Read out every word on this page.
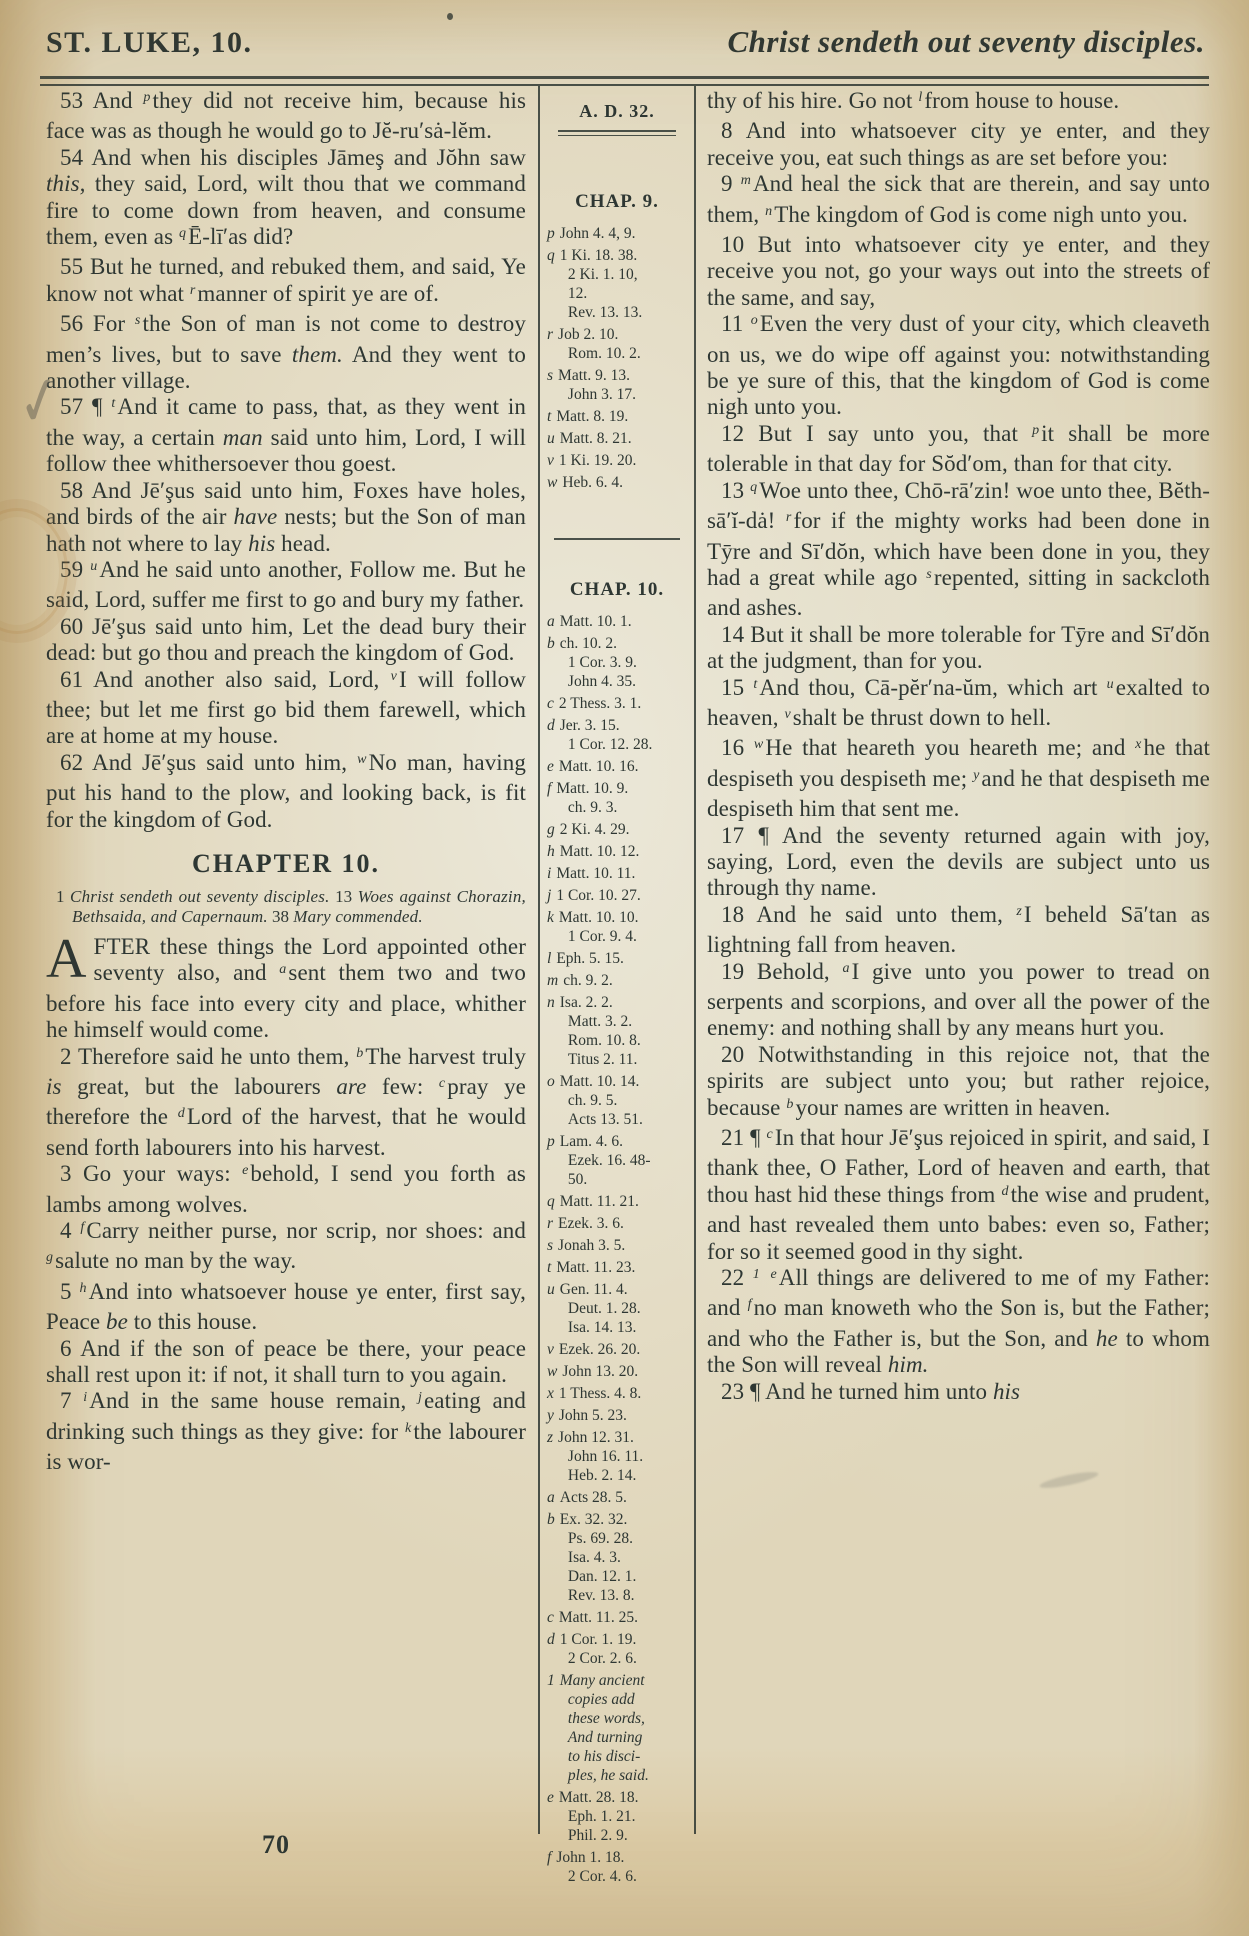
ST. LUKE, 10.	Christ sendeth out seventy disciples.

53 And $^p$they did not receive him, because his face was as though he would go to Jĕ-ru′sȧ-lĕm.

54 And when his disciples Jāmeş and Jŏhn saw this, they said, Lord, wilt thou that we command fire to come down from heaven, and consume them, even as $^q$Ē-lī′as did?

55 But he turned, and rebuked them, and said, Ye know not what $^r$manner of spirit ye are of.

56 For $^s$the Son of man is not come to destroy men’s lives, but to save them. And they went to another village.

57 ¶ $^t$And it came to pass, that, as they went in the way, a certain man said unto him, Lord, I will follow thee whithersoever thou goest.

58 And Jē′şus said unto him, Foxes have holes, and birds of the air have nests; but the Son of man hath not where to lay his head.

59 $^u$And he said unto another, Follow me. But he said, Lord, suffer me first to go and bury my father.

60 Jē′şus said unto him, Let the dead bury their dead: but go thou and preach the kingdom of God.

61 And another also said, Lord, $^v$I will follow thee; but let me first go bid them farewell, which are at home at my house.

62 And Jē′şus said unto him, $^w$No man, having put his hand to the plow, and looking back, is fit for the kingdom of God.

CHAPTER 10.

1 Christ sendeth out seventy disciples. 13 Woes against Chorazin, Bethsaida, and Capernaum. 38 Mary commended.

AFTER these things the Lord appointed other seventy also, and $^a$sent them two and two before his face into every city and place, whither he himself would come.

2 Therefore said he unto them, $^b$The harvest truly is great, but the labourers are few: $^c$pray ye therefore the $^d$Lord of the harvest, that he would send forth labourers into his harvest.

3 Go your ways: $^e$behold, I send you forth as lambs among wolves.

4 $^f$Carry neither purse, nor scrip, nor shoes: and $^g$salute no man by the way.

5 $^h$And into whatsoever house ye enter, first say, Peace be to this house.

6 And if the son of peace be there, your peace shall rest upon it: if not, it shall turn to you again.

7 $^i$And in the same house remain, $^j$eating and drinking such things as they give: for $^k$the labourer is wor-

A. D. 32.
CHAP. 9.
p John 4. 4, 9.
q 1 Ki. 18. 38.
2 Ki. 1. 10,
12.
Rev. 13. 13.
r Job 2. 10.
Rom. 10. 2.
s Matt. 9. 13.
John 3. 17.
t Matt. 8. 19.
u Matt. 8. 21.
v 1 Ki. 19. 20.
w Heb. 6. 4.
CHAP. 10.
a Matt. 10. 1.
b ch. 10. 2.
1 Cor. 3. 9.
John 4. 35.
c 2 Thess. 3. 1.
d Jer. 3. 15.
1 Cor. 12. 28.
e Matt. 10. 16.
f Matt. 10. 9.
ch. 9. 3.
g 2 Ki. 4. 29.
h Matt. 10. 12.
i Matt. 10. 11.
j 1 Cor. 10. 27.
k Matt. 10. 10.
1 Cor. 9. 4.
l Eph. 5. 15.
m ch. 9. 2.
n Isa. 2. 2.
Matt. 3. 2.
Rom. 10. 8.
Titus 2. 11.
o Matt. 10. 14.
ch. 9. 5.
Acts 13. 51.
p Lam. 4. 6.
Ezek. 16. 48-
50.
q Matt. 11. 21.
r Ezek. 3. 6.
s Jonah 3. 5.
t Matt. 11. 23.
u Gen. 11. 4.
Deut. 1. 28.
Isa. 14. 13.
v Ezek. 26. 20.
w John 13. 20.
x 1 Thess. 4. 8.
y John 5. 23.
z John 12. 31.
John 16. 11.
Heb. 2. 14.
a Acts 28. 5.
b Ex. 32. 32.
Ps. 69. 28.
Isa. 4. 3.
Dan. 12. 1.
Rev. 13. 8.
c Matt. 11. 25.
d 1 Cor. 1. 19.
2 Cor. 2. 6.
1 Many ancient
copies add
these words,
And turning
to his disci-
ples, he said.
e Matt. 28. 18.
Eph. 1. 21.
Phil. 2. 9.
f John 1. 18.
2 Cor. 4. 6.

thy of his hire. Go not $^l$from house to house.

8 And into whatsoever city ye enter, and they receive you, eat such things as are set before you:

9 $^m$And heal the sick that are therein, and say unto them, $^n$The kingdom of God is come nigh unto you.

10 But into whatsoever city ye enter, and they receive you not, go your ways out into the streets of the same, and say,

11 $^o$Even the very dust of your city, which cleaveth on us, we do wipe off against you: notwithstanding be ye sure of this, that the kingdom of God is come nigh unto you.

12 But I say unto you, that $^p$it shall be more tolerable in that day for Sŏd′om, than for that city.

13 $^q$Woe unto thee, Chō-rā′zin! woe unto thee, Bĕth-sā′ĭ-dȧ! $^r$for if the mighty works had been done in Tȳre and Sī′dŏn, which have been done in you, they had a great while ago $^s$repented, sitting in sackcloth and ashes.

14 But it shall be more tolerable for Tȳre and Sī′dŏn at the judgment, than for you.

15 $^t$And thou, Cā-pĕr′na-ŭm, which art $^u$exalted to heaven, $^v$shalt be thrust down to hell.

16 $^w$He that heareth you heareth me; and $^x$he that despiseth you despiseth me; $^y$and he that despiseth me despiseth him that sent me.

17 ¶ And the seventy returned again with joy, saying, Lord, even the devils are subject unto us through thy name.

18 And he said unto them, $^z$I beheld Sā′tan as lightning fall from heaven.

19 Behold, $^a$I give unto you power to tread on serpents and scorpions, and over all the power of the enemy: and nothing shall by any means hurt you.

20 Notwithstanding in this rejoice not, that the spirits are subject unto you; but rather rejoice, because $^b$your names are written in heaven.

21 ¶ $^c$In that hour Jē′şus rejoiced in spirit, and said, I thank thee, O Father, Lord of heaven and earth, that thou hast hid these things from $^d$the wise and prudent, and hast revealed them unto babes: even so, Father; for so it seemed good in thy sight.

22 $^1$ $^e$All things are delivered to me of my Father: and $^f$no man knoweth who the Son is, but the Father; and who the Father is, but the Son, and he to whom the Son will reveal him.

23 ¶ And he turned him unto his

70
✓
